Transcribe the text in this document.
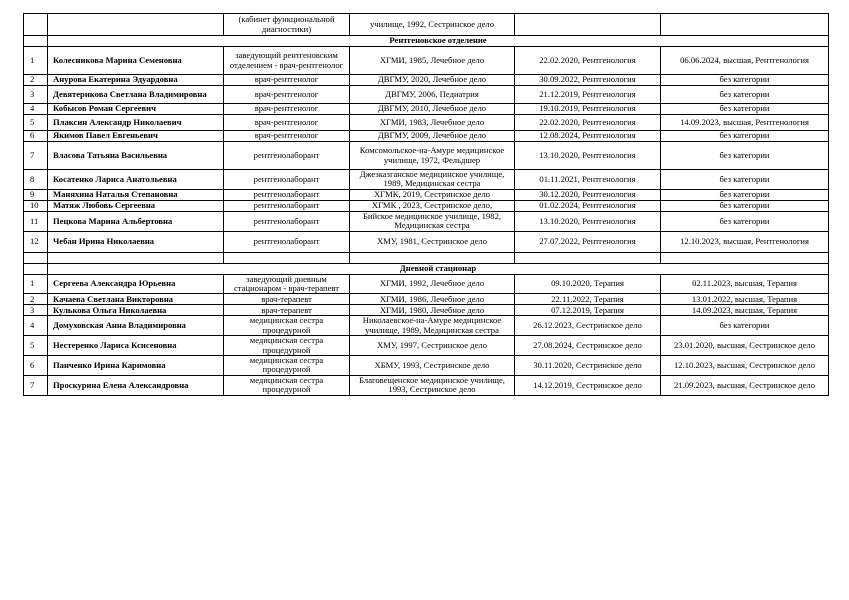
		(кабинет функциональной диагностики)	училище, 1992, Сестринское дело		
	Рентгеновское отделение				
1	Колесникова Марина Семеновна	заведующий рентгеновским отделением - врач-рентгенолог	ХГМИ, 1985, Лечебное дело	22.02.2020, Рентгенология	06.06.2024, высшая, Рентгенология
2	Анурова Екатерина Эдуардовна	врач-рентгенолог	ДВГМУ, 2020, Лечебное дело	30.09.2022, Рентгенология	без категории
3	Девятерикова Светлана Владимировна	врач-рентгенолог	ДВГМУ, 2006, Педиатрия	21.12.2019, Рентгенология	без категории
4	Кобысов Роман Сергеевич	врач-рентгенолог	ДВГМУ, 2010, Лечебное дело	19.10.2019, Рентгенология	без категории
5	Плаксин Александр Николаевич	врач-рентгенолог	ХГМИ, 1983, Лечебное дело	22.02.2020, Рентгенология	14.09.2023, высшая, Рентгенология
6	Якимов Павел Евгеньевич	врач-рентгенолог	ДВГМУ, 2009, Лечебное дело	12.08.2024, Рентгенология	без категории
7	Власова Татьяна Васильевна	рентгенолаборант	Комсомольское-на-Амуре медицинское училище, 1972, Фельдшер	13.10.2020, Рентгенология	без категории
8	Косатенко Лариса Анатольевна	рентгенолаборант	Джезказганское медицинское училище, 1989, Медицинская сестра	01.11.2021, Рентгенология	без категории
9	Маняхина Наталья Степановна	рентгенолаборант	ХГМК, 2019, Сестринское дело	30.12.2020, Рентгенология	без категории
10	Матяж Любовь Сергеевна	рентгенолаборант	ХГМК , 2023, Сестринское дело,	01.02.2024, Рентгенология	без категории
11	Пецкова Марина Альбертовна	рентгенолаборант	Бийское медицинское училище, 1982, Медицинская сестра	13.10.2020, Рентгенология	без категории
12	Чебан Ирина Николаевна	рентгенолаборант	ХМУ, 1981, Сестринское дело	27.07.2022, Рентгенология	12.10.2023, высшая, Рентгенология

	Дневной стационар				
1	Сергеева Александра Юрьевна	заведующий дневным стационаром - врач-терапевт	ХГМИ, 1992, Лечебное дело	09.10.2020, Терапия	02.11.2023, высшая, Терапия
2	Качаева Светлана Викторовна	врач-терапевт	ХГМИ, 1986, Лечебное дело	22.11.2022, Терапия	13.01.2022, высшая, Терапия
3	Кулькова Ольга Николаевна	врач-терапевт	ХГМИ, 1980, Лечебное дело	07.12.2019, Терапия	14.09.2023, высшая, Терапия
4	Домуховская Анна Владимировна	медицинская сестра процедурной	Николаевское-на-Амуре медицинское училище, 1989, Медицинская сестра	26.12.2023, Сестринское дело	без категории
5	Нестеренко Лариса Ксисеновна	медицинская сестра процедурной	ХМУ, 1997, Сестринское дело	27.08.2024, Сестринское дело	23.01.2020, высшая, Сестринское дело
6	Панченко Ирина Каримовна	медицинская сестра процедурной	ХБМУ, 1993, Сестринское дело	30.11.2020, Сестринское дело	12.10.2023, высшая, Сестринское дело
7	Проскурина Елена Александровна	медицинская сестра процедурной	Благовещенское медицинское училище, 1993, Сестринское дело	14.12.2019, Сестринское дело	21.09.2023, высшая, Сестринское дело
